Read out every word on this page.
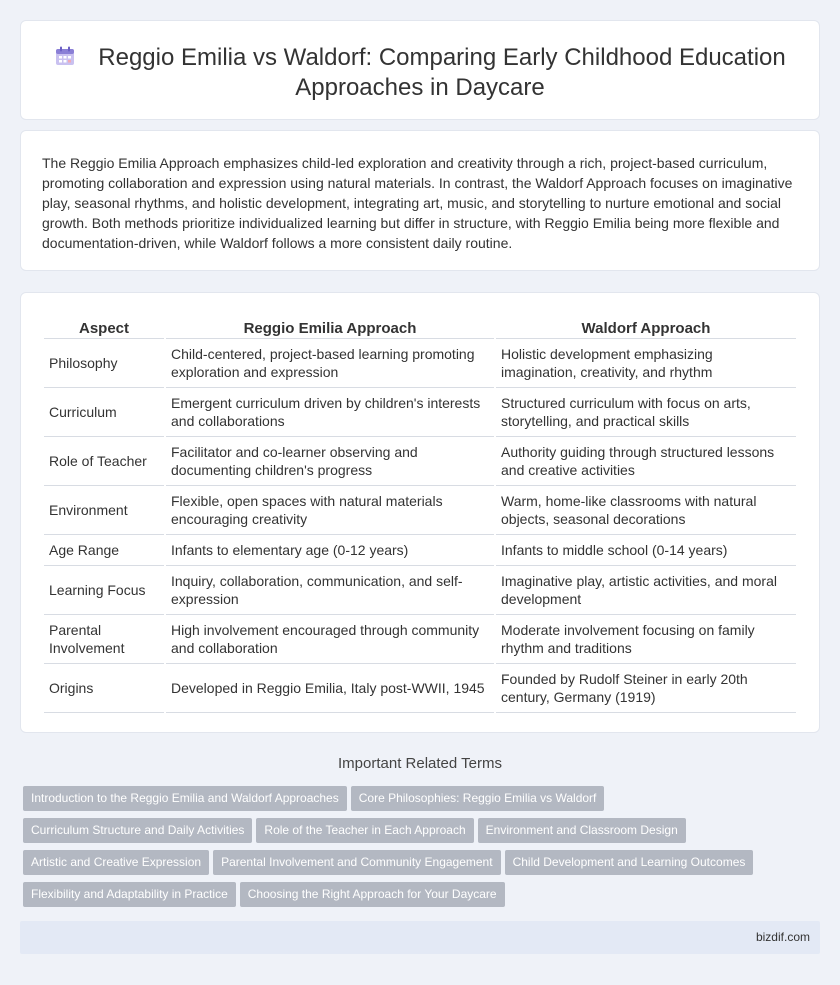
Reggio Emilia vs Waldorf: Comparing Early Childhood Education
Approaches in Daycare

The Reggio Emilia Approach emphasizes child-led exploration and creativity through a rich, project-based curriculum, promoting collaboration and expression using natural materials. In contrast, the Waldorf Approach focuses on imaginative play, seasonal rhythms, and holistic development, integrating art, music, and storytelling to nurture emotional and social growth. Both methods prioritize individualized learning but differ in structure, with Reggio Emilia being more flexible and documentation-driven, while Waldorf follows a more consistent daily routine.

Aspect	Reggio Emilia Approach	Waldorf Approach
Philosophy	Child-centered, project-based learning promoting exploration and expression	Holistic development emphasizing imagination, creativity, and rhythm
Curriculum	Emergent curriculum driven by children's interests and collaborations	Structured curriculum with focus on arts, storytelling, and practical skills
Role of Teacher	Facilitator and co-learner observing and documenting children's progress	Authority guiding through structured lessons and creative activities
Environment	Flexible, open spaces with natural materials encouraging creativity	Warm, home-like classrooms with natural objects, seasonal decorations
Age Range	Infants to elementary age (0-12 years)	Infants to middle school (0-14 years)
Learning Focus	Inquiry, collaboration, communication, and self-expression	Imaginative play, artistic activities, and moral development
Parental Involvement	High involvement encouraged through community and collaboration	Moderate involvement focusing on family rhythm and traditions
Origins	Developed in Reggio Emilia, Italy post-WWII, 1945	Founded by Rudolf Steiner in early 20th century, Germany (1919)
Important Related Terms
Introduction to the Reggio Emilia and Waldorf Approaches Core Philosophies: Reggio Emilia vs Waldorf
Curriculum Structure and Daily Activities Role of the Teacher in Each Approach Environment and Classroom Design
Artistic and Creative Expression Parental Involvement and Community Engagement Child Development and Learning Outcomes
Flexibility and Adaptability in Practice Choosing the Right Approach for Your Daycare
bizdif.com
